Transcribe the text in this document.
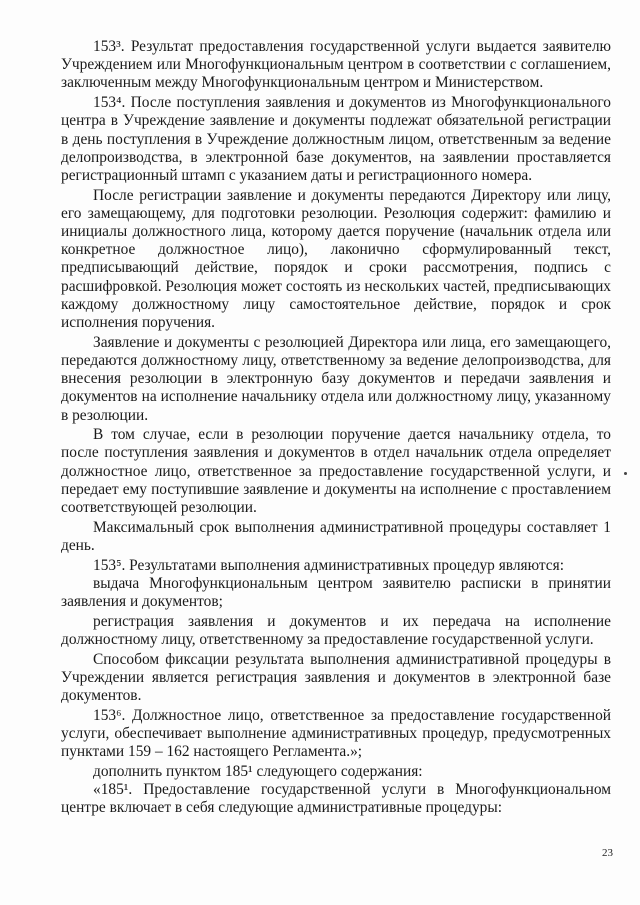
153³. Результат предоставления государственной услуги выдается заявителю Учреждением или Многофункциональным центром в соответствии с соглашением, заключенным между Многофункциональным центром и Министерством.

153⁴. После поступления заявления и документов из Многофункционального центра в Учреждение заявление и документы подлежат обязательной регистрации в день поступления в Учреждение должностным лицом, ответственным за ведение делопроизводства, в электронной базе документов, на заявлении проставляется регистрационный штамп с указанием даты и регистрационного номера.

После регистрации заявление и документы передаются Директору или лицу, его замещающему, для подготовки резолюции. Резолюция содержит: фамилию и инициалы должностного лица, которому дается поручение (начальник отдела или конкретное должностное лицо), лаконично сформулированный текст, предписывающий действие, порядок и сроки рассмотрения, подпись с расшифровкой. Резолюция может состоять из нескольких частей, предписывающих каждому должностному лицу самостоятельное действие, порядок и срок исполнения поручения.

Заявление и документы с резолюцией Директора или лица, его замещающего, передаются должностному лицу, ответственному за ведение делопроизводства, для внесения резолюции в электронную базу документов и передачи заявления и документов на исполнение начальнику отдела или должностному лицу, указанному в резолюции.

В том случае, если в резолюции поручение дается начальнику отдела, то после поступления заявления и документов в отдел начальник отдела определяет должностное лицо, ответственное за предоставление государственной услуги, и передает ему поступившие заявление и документы на исполнение с проставлением соответствующей резолюции.

Максимальный срок выполнения административной процедуры составляет 1 день.

153⁵. Результатами выполнения административных процедур являются:

выдача Многофункциональным центром заявителю расписки в принятии заявления и документов;

регистрация заявления и документов и их передача на исполнение должностному лицу, ответственному за предоставление государственной услуги.

Способом фиксации результата выполнения административной процедуры в Учреждении является регистрация заявления и документов в электронной базе документов.

153⁶. Должностное лицо, ответственное за предоставление государственной услуги, обеспечивает выполнение административных процедур, предусмотренных пунктами 159 – 162 настоящего Регламента.»;

дополнить пунктом 185¹ следующего содержания:

«185¹. Предоставление государственной услуги в Многофункциональном центре включает в себя следующие административные процедуры:

23
